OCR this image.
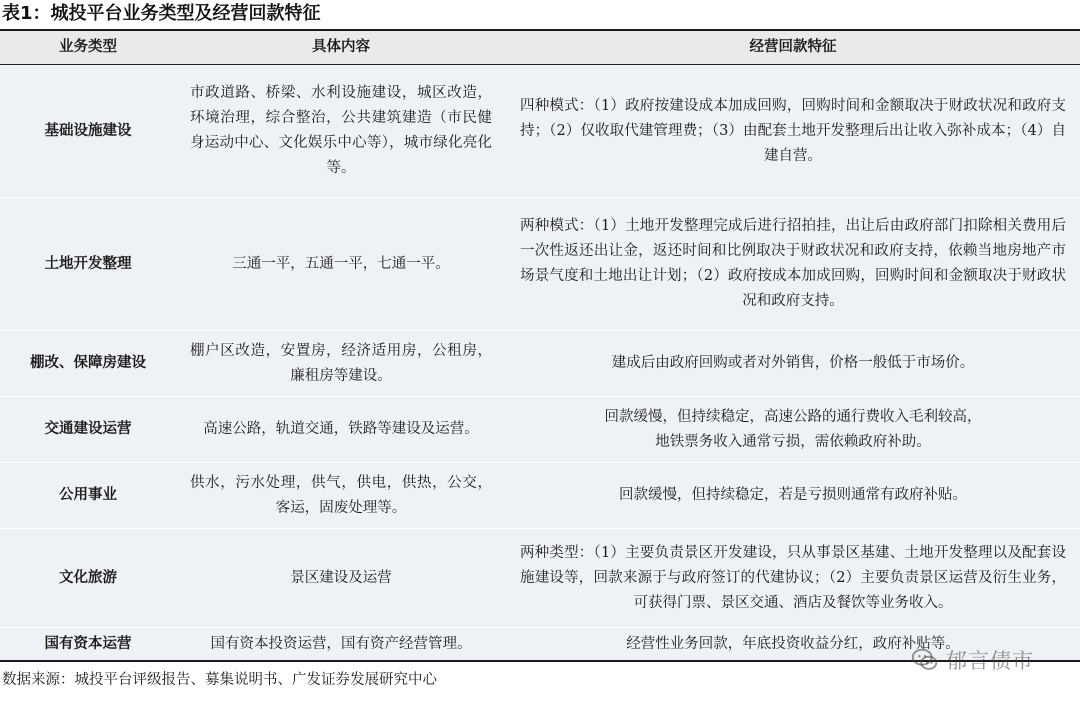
表1：城投平台业务类型及经营回款特征
业务类型	具体内容	经营回款特征
基础设施建设	市政道路、桥梁、水利设施建设，城区改造，环境治理，综合整治，公共建筑建造（市民健身运动中心、文化娱乐中心等），城市绿化亮化等。	四种模式：（1）政府按建设成本加成回购，回购时间和金额取决于财政状况和政府支持；（2）仅收取代建管理费；（3）由配套土地开发整理后出让收入弥补成本；（4）自建自营。
土地开发整理	三通一平，五通一平，七通一平。	两种模式：（1）土地开发整理完成后进行招拍挂，出让后由政府部门扣除相关费用后一次性返还出让金，返还时间和比例取决于财政状况和政府支持，依赖当地房地产市场景气度和土地出让计划；（2）政府按成本加成回购，回购时间和金额取决于财政状况和政府支持。
棚改、保障房建设	棚户区改造，安置房，经济适用房，公租房，廉租房等建设。	建成后由政府回购或者对外销售，价格一般低于市场价。
交通建设运营	高速公路，轨道交通，铁路等建设及运营。	回款缓慢，但持续稳定，高速公路的通行费收入毛利较高，
地铁票务收入通常亏损，需依赖政府补助。

公用事业	供水，污水处理，供气，供电，供热，公交，客运，固废处理等。	回款缓慢，但持续稳定，若是亏损则通常有政府补贴。
文化旅游	景区建设及运营	两种类型：（1）主要负责景区开发建设，只从事景区基建、土地开发整理以及配套设施建设等，回款来源于与政府签订的代建协议；（2）主要负责景区运营及衍生业务，可获得门票、景区交通、酒店及餐饮等业务收入。
国有资本运营	国有资本投资运营，国有资产经营管理。	经营性业务回款，年底投资收益分红，政府补贴等。
数据来源：城投平台评级报告、募集说明书、广发证券发展研究中心
郁言债市
